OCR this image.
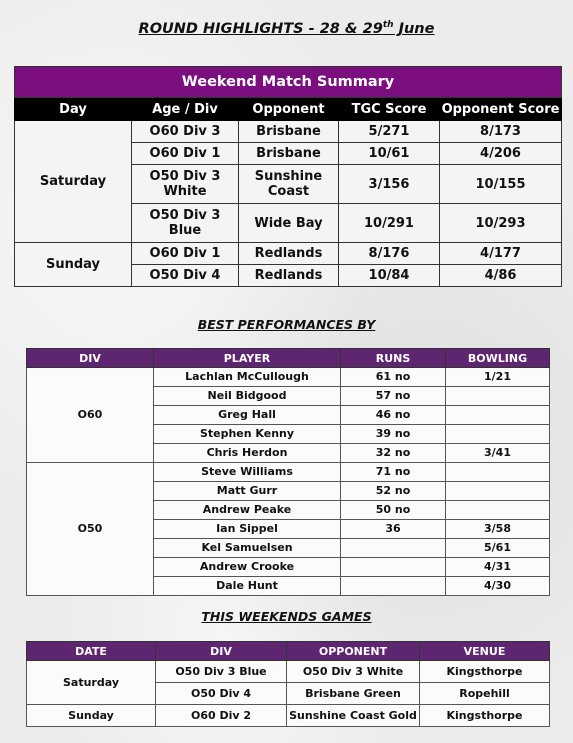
ROUND HIGHLIGHTS - 28 & 29th June
Weekend Match Summary				
Day	Age / Div	Opponent	TGC Score	Opponent Score
Saturday	O60 Div 3	Brisbane	5/271	8/173
	O60 Div 1	Brisbane	10/61	4/206
	O50 Div 3 White	Sunshine Coast	3/156	10/155
	O50 Div 3 Blue	Wide Bay	10/291	10/293
Sunday	O60 Div 1	Redlands	8/176	4/177
	O50 Div 4	Redlands	10/84	4/86
BEST PERFORMANCES BY
DIV	PLAYER	RUNS	BOWLING
O60	Lachlan McCullough	61 no	1/21
	Neil Bidgood	57 no	
	Greg Hall	46 no	
	Stephen Kenny	39 no	
	Chris Herdon	32 no	3/41
O50	Steve Williams	71 no	
	Matt Gurr	52 no	
	Andrew Peake	50 no	
	Ian Sippel	36	3/58
	Kel Samuelsen		5/61
	Andrew Crooke		4/31
	Dale Hunt		4/30
THIS WEEKENDS GAMES
DATE	DIV	OPPONENT	VENUE
Saturday	O50 Div 3 Blue	O50 Div 3 White	Kingsthorpe
	O50 Div 4	Brisbane Green	Ropehill
Sunday	O60 Div 2	Sunshine Coast Gold	Kingsthorpe
